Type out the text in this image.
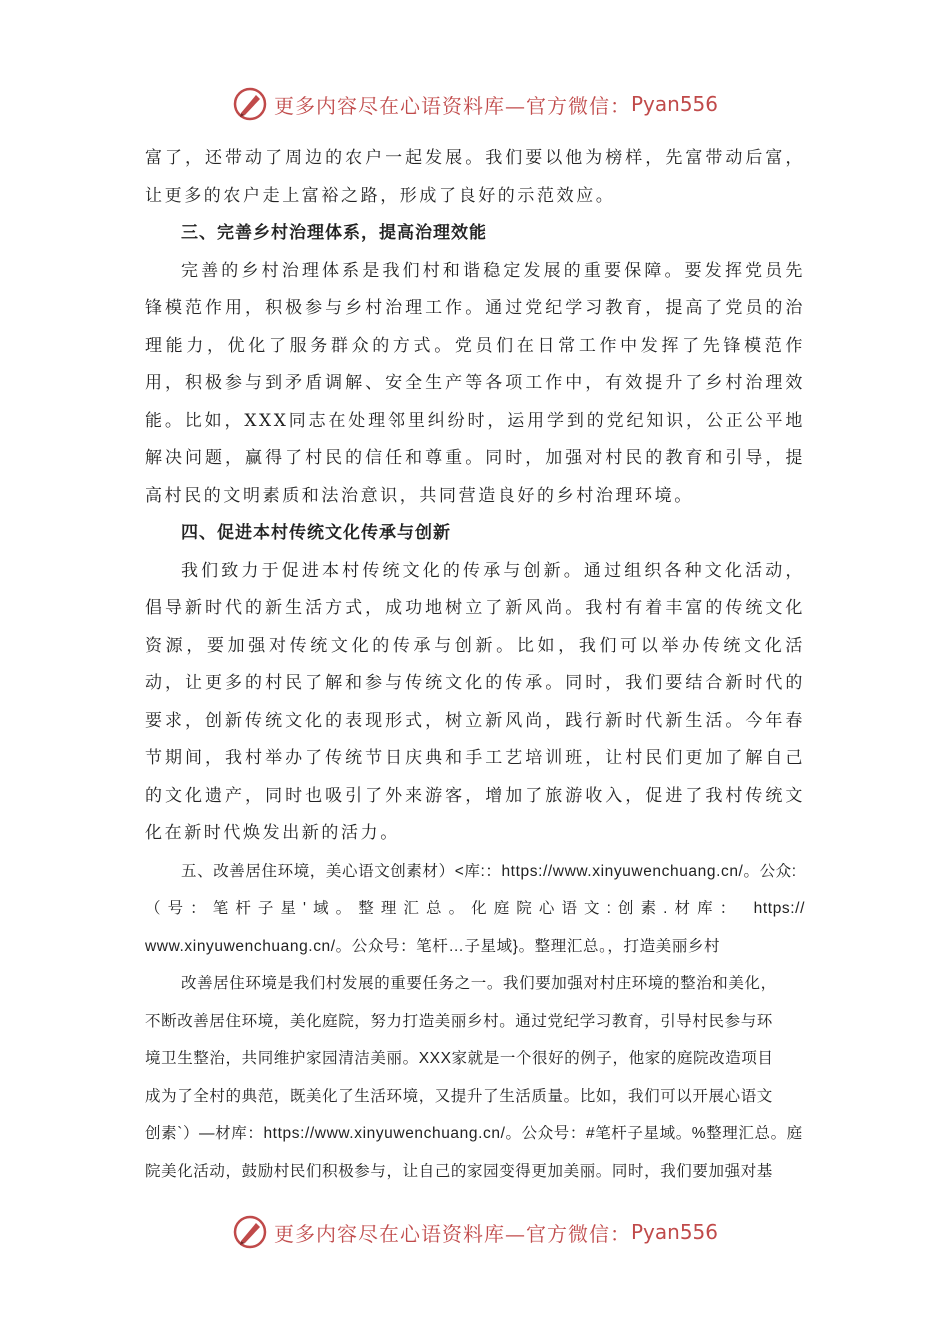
更多内容尽在心语资料库—官方微信： Pyan556

富了，还带动了周边的农户一起发展。我们要以他为榜样，先富带动后富，让更多的农户走上富裕之路，形成了良好的示范效应。

三、完善乡村治理体系，提高治理效能

完善的乡村治理体系是我们村和谐稳定发展的重要保障。要发挥党员先锋模范作用，积极参与乡村治理工作。通过党纪学习教育，提高了党员的治理能力，优化了服务群众的方式。党员们在日常工作中发挥了先锋模范作用，积极参与到矛盾调解、安全生产等各项工作中，有效提升了乡村治理效能。比如，XXX同志在处理邻里纠纷时，运用学到的党纪知识，公正公平地解决问题，赢得了村民的信任和尊重。同时，加强对村民的教育和引导，提高村民的文明素质和法治意识，共同营造良好的乡村治理环境。

四、促进本村传统文化传承与创新

我们致力于促进本村传统文化的传承与创新。通过组织各种文化活动，倡导新时代的新生活方式，成功地树立了新风尚。我村有着丰富的传统文化资源，要加强对传统文化的传承与创新。比如，我们可以举办传统文化活动，让更多的村民了解和参与传统文化的传承。同时，我们要结合新时代的要求，创新传统文化的表现形式，树立新风尚，践行新时代新生活。今年春节期间，我村举办了传统节日庆典和手工艺培训班，让村民们更加了解自己的文化遗产，同时也吸引了外来游客，增加了旅游收入，促进了我村传统文化在新时代焕发出新的活力。

五、改善居住环境，美心语文创素材）<库:：https://www.xinyuwenchuang.cn/。公众:
（号：笔杆子星'域。整理汇总。化庭院心语文:创素.材库： https://
www.xinyuwenchuang.cn/。公众号：笔杆…子星域}。整理汇总。，打造美丽乡村
改善居住环境是我们村发展的重要任务之一。我们要加强对村庄环境的整治和美化，
不断改善居住环境，美化庭院，努力打造美丽乡村。通过党纪学习教育，引导村民参与环
境卫生整治，共同维护家园清洁美丽。XXX家就是一个很好的例子，他家的庭院改造项目
成为了全村的典范，既美化了生活环境，又提升了生活质量。比如，我们可以开展心语文
创素`）—材库：https://www.xinyuwenchuang.cn/。公众号：#笔杆子星域。%整理汇总。庭
院美化活动，鼓励村民们积极参与，让自己的家园变得更加美丽。同时，我们要加强对基
更多内容尽在心语资料库—官方微信： Pyan556
